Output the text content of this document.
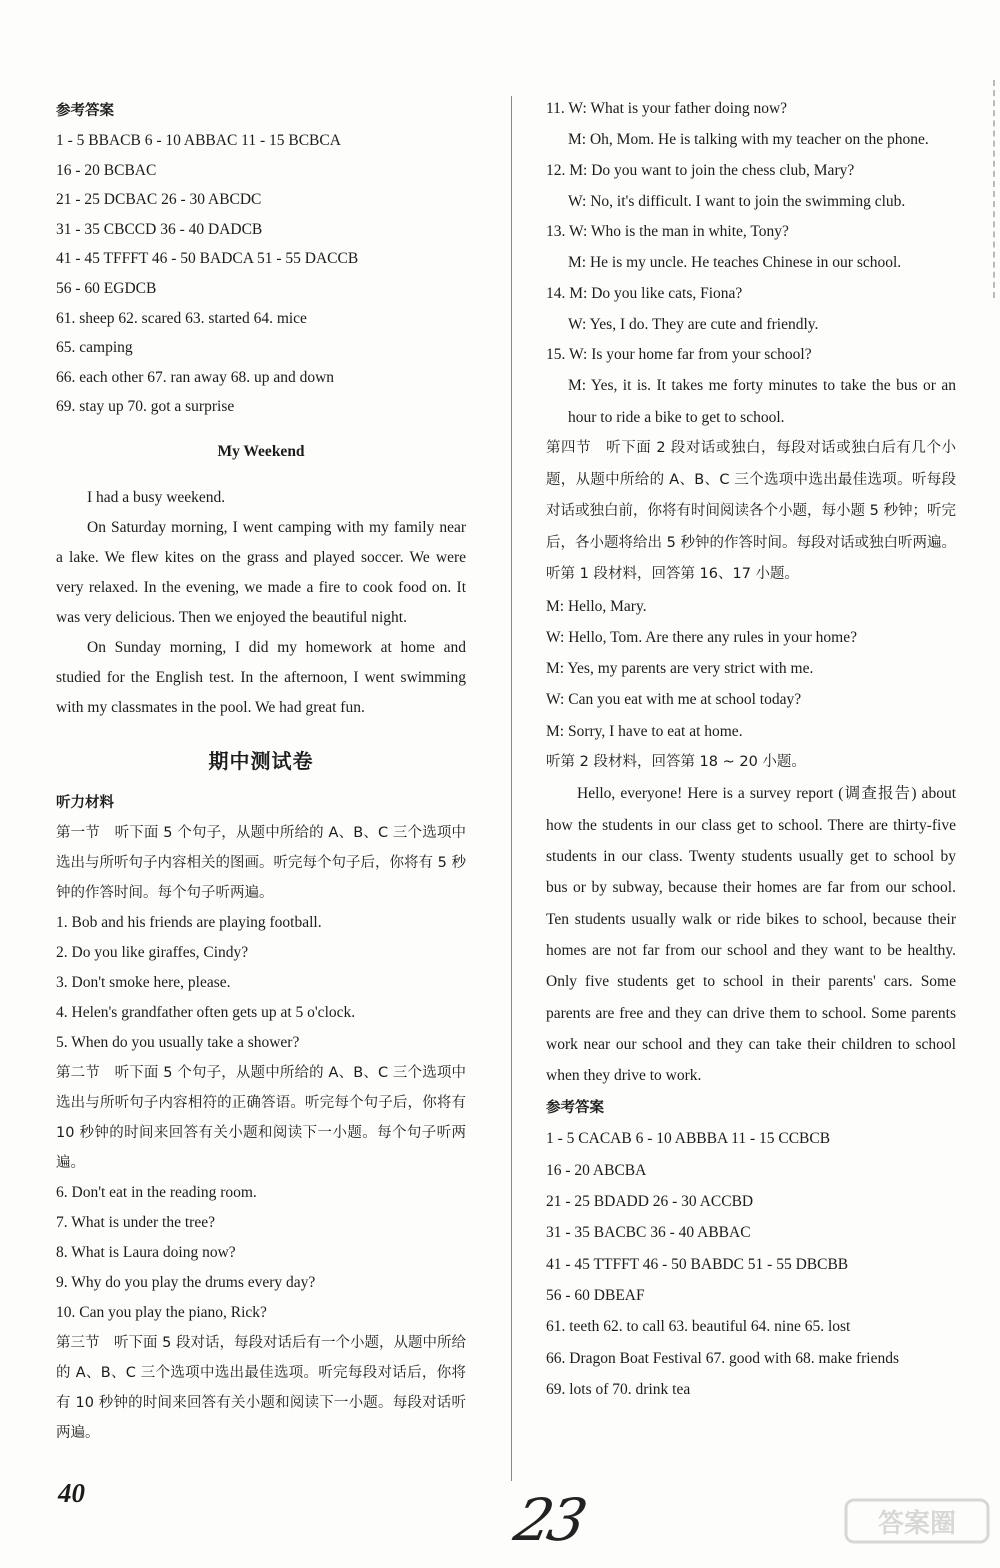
参考答案

1 - 5 BBACB 6 - 10 ABBAC 11 - 15 BCBCA

16 - 20 BCBAC

21 - 25 DCBAC 26 - 30 ABCDC

31 - 35 CBCCD 36 - 40 DADCB

41 - 45 TFFFT 46 - 50 BADCA 51 - 55 DACCB

56 - 60 EGDCB

61. sheep 62. scared 63. started 64. mice

65. camping

66. each other 67. ran away 68. up and down

69. stay up 70. got a surprise

My Weekend

I had a busy weekend.

On Saturday morning, I went camping with my family near a lake. We flew kites on the grass and played soccer. We were very relaxed. In the evening, we made a fire to cook food on. It was very delicious. Then we enjoyed the beautiful night.

On Sunday morning, I did my homework at home and studied for the English test. In the afternoon, I went swimming with my classmates in the pool. We had great fun.

期中测试卷

听力材料

第一节　听下面 5 个句子，从题中所给的 A、B、C 三个选项中选出与所听句子内容相关的图画。听完每个句子后，你将有 5 秒钟的作答时间。每个句子听两遍。

1. Bob and his friends are playing football.

2. Do you like giraffes, Cindy?

3. Don't smoke here, please.

4. Helen's grandfather often gets up at 5 o'clock.

5. When do you usually take a shower?

第二节　听下面 5 个句子，从题中所给的 A、B、C 三个选项中选出与所听句子内容相符的正确答语。听完每个句子后，你将有 10 秒钟的时间来回答有关小题和阅读下一小题。每个句子听两遍。

6. Don't eat in the reading room.

7. What is under the tree?

8. What is Laura doing now?

9. Why do you play the drums every day?

10. Can you play the piano, Rick?

第三节　听下面 5 段对话，每段对话后有一个小题，从题中所给的 A、B、C 三个选项中选出最佳选项。听完每段对话后，你将有 10 秒钟的时间来回答有关小题和阅读下一小题。每段对话听两遍。

11. W: What is your father doing now?

M: Oh, Mom. He is talking with my teacher on the phone.

12. M: Do you want to join the chess club, Mary?

W: No, it's difficult. I want to join the swimming club.

13. W: Who is the man in white, Tony?

M: He is my uncle. He teaches Chinese in our school.

14. M: Do you like cats, Fiona?

W: Yes, I do. They are cute and friendly.

15. W: Is your home far from your school?

M: Yes, it is. It takes me forty minutes to take the bus or an hour to ride a bike to get to school.

第四节　听下面 2 段对话或独白，每段对话或独白后有几个小题，从题中所给的 A、B、C 三个选项中选出最佳选项。听每段对话或独白前，你将有时间阅读各个小题，每小题 5 秒钟；听完后，各小题将给出 5 秒钟的作答时间。每段对话或独白听两遍。

听第 1 段材料，回答第 16、17 小题。

M: Hello, Mary.

W: Hello, Tom. Are there any rules in your home?

M: Yes, my parents are very strict with me.

W: Can you eat with me at school today?

M: Sorry, I have to eat at home.

听第 2 段材料，回答第 18 ~ 20 小题。

Hello, everyone! Here is a survey report (调查报告) about how the students in our class get to school. There are thirty-five students in our class. Twenty students usually get to school by bus or by subway, because their homes are far from our school. Ten students usually walk or ride bikes to school, because their homes are not far from our school and they want to be healthy. Only five students get to school in their parents' cars. Some parents are free and they can drive them to school. Some parents work near our school and they can take their children to school when they drive to work.

参考答案

1 - 5 CACAB 6 - 10 ABBBA 11 - 15 CCBCB

16 - 20 ABCBA

21 - 25 BDADD 26 - 30 ACCBD

31 - 35 BACBC 36 - 40 ABBAC

41 - 45 TTFFT 46 - 50 BABDC 51 - 55 DBCBB

56 - 60 DBEAF

61. teeth 62. to call 63. beautiful 64. nine 65. lost

66. Dragon Boat Festival 67. good with 68. make friends

69. lots of 70. drink tea

40	23	答案圈
